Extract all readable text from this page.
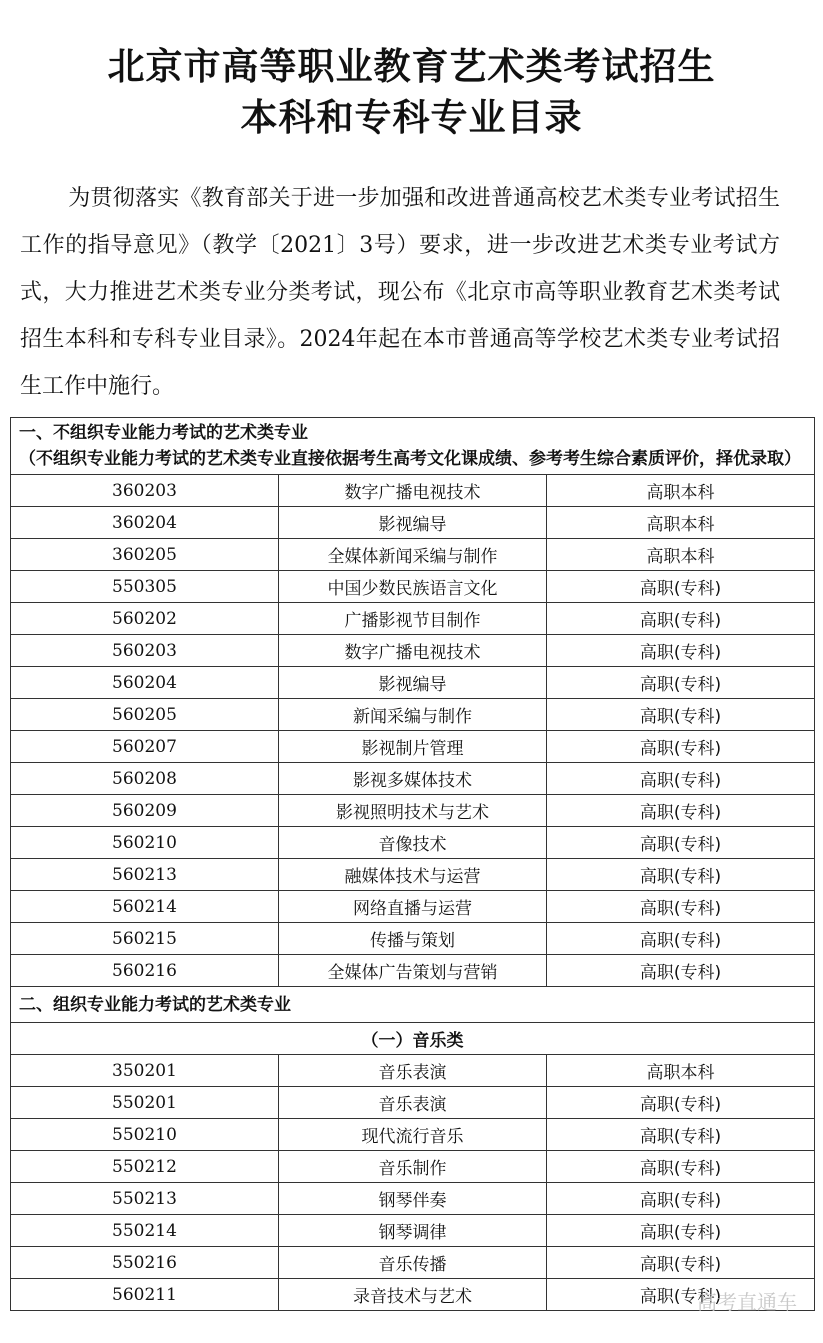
北京市高等职业教育艺术类考试招生
本科和专科专业目录
为贯彻落实《教育部关于进一步加强和改进普通高校艺术类专业考试招生工作的指导意见》（教学〔2021〕3号）要求，进一步改进艺术类专业考试方式，大力推进艺术类专业分类考试，现公布《北京市高等职业教育艺术类考试招生本科和专科专业目录》。2024年起在本市普通高等学校艺术类专业考试招生工作中施行。
一、不组织专业能力考试的艺术类专业
（不组织专业能力考试的艺术类专业直接依据考生高考文化课成绩、参考考生综合素质评价，择优录取）		

360203	数字广播电视技术	高职本科
360204	影视编导	高职本科
360205	全媒体新闻采编与制作	高职本科
550305	中国少数民族语言文化	高职(专科)
560202	广播影视节目制作	高职(专科)
560203	数字广播电视技术	高职(专科)
560204	影视编导	高职(专科)
560205	新闻采编与制作	高职(专科)
560207	影视制片管理	高职(专科)
560208	影视多媒体技术	高职(专科)
560209	影视照明技术与艺术	高职(专科)
560210	音像技术	高职(专科)
560213	融媒体技术与运营	高职(专科)
560214	网络直播与运营	高职(专科)
560215	传播与策划	高职(专科)
560216	全媒体广告策划与营销	高职(专科)
二、组织专业能力考试的艺术类专业		
（一）音乐类		
350201	音乐表演	高职本科
550201	音乐表演	高职(专科)
550210	现代流行音乐	高职(专科)
550212	音乐制作	高职(专科)
550213	钢琴伴奏	高职(专科)
550214	钢琴调律	高职(专科)
550216	音乐传播	高职(专科)
560211	录音技术与艺术	高职(专科)
高考直通车
